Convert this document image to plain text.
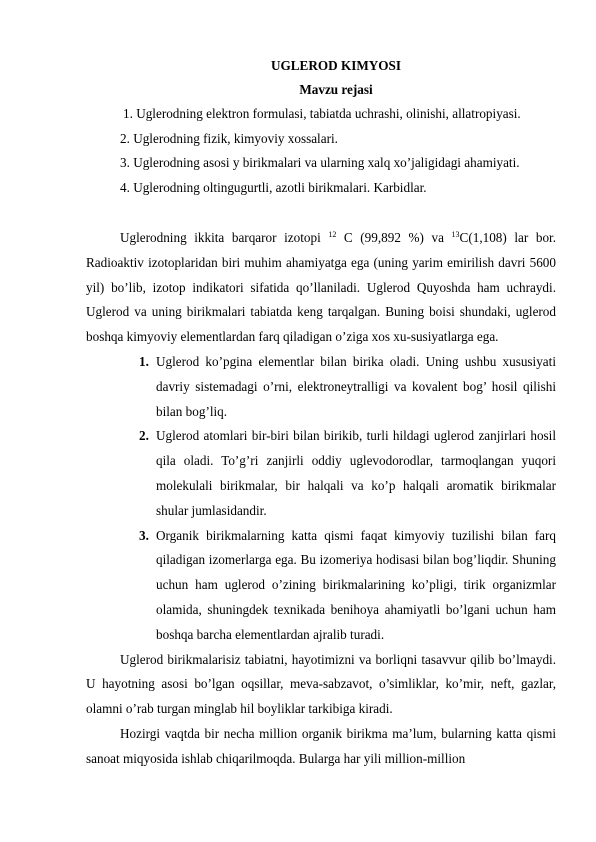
UGLEROD KIMYOSI
Mavzu rejasi
1. Uglerodning elektron formulasi, tabiatda uchrashi, olinishi, allatropiyasi.
2. Uglerodning fizik, kimyoviy xossalari.
3. Uglerodning asosi y birikmalari va ularning xalq xo’jaligidagi ahamiyati.
4. Uglerodning oltingugurtli, azotli birikmalari. Karbidlar.

Uglerodning ikkita barqaror izotopi $^{12}$ C (99,892 %) va $^{13}$C(1,108) lar bor. Radioaktiv izotoplaridan biri muhim ahamiyatga ega (uning yarim emirilish davri 5600 yil) bo’lib, izotop indikatori sifatida qo’llaniladi. Uglerod Quyoshda ham uchraydi. Uglerod va uning birikmalari tabiatda keng tarqalgan. Buning boisi shundaki, uglerod boshqa kimyoviy elementlardan farq qiladigan o’ziga xos xu-susiyatlarga ega.

1. Uglerod ko’pgina elementlar bilan birika oladi. Uning ushbu xususiyati davriy sistemadagi o’rni, elektroneytralligi va kovalent bog’ hosil qilishi bilan bog’liq.
2. Uglerod atomlari bir-biri bilan birikib, turli hildagi uglerod zanjirlari hosil qila oladi. To’g’ri zanjirli oddiy uglevodorodlar, tarmoqlangan yuqori molekulali birikmalar, bir halqali va ko’p halqali aromatik birikmalar shular jumlasidandir.
3. Organik birikmalarning katta qismi faqat kimyoviy tuzilishi bilan farq qiladigan izomerlarga ega. Bu izomeriya hodisasi bilan bog’liqdir. Shuning uchun ham uglerod o’zining birikmalarining ko’pligi, tirik organizmlar olamida, shuningdek texnikada benihoya ahamiyatli bo’lgani uchun ham boshqa barcha elementlardan ajralib turadi.

Uglerod birikmalarisiz tabiatni, hayotimizni va borliqni tasavvur qilib bo’lmaydi. U hayotning asosi bo’lgan oqsillar, meva-sabzavot, o’simliklar, ko’mir, neft, gazlar, olamni o’rab turgan minglab hil boyliklar tarkibiga kiradi.

Hozirgi vaqtda bir necha million organik birikma ma’lum, bularning katta qismi sanoat miqyosida ishlab chiqarilmoqda. Bularga har yili million-million
